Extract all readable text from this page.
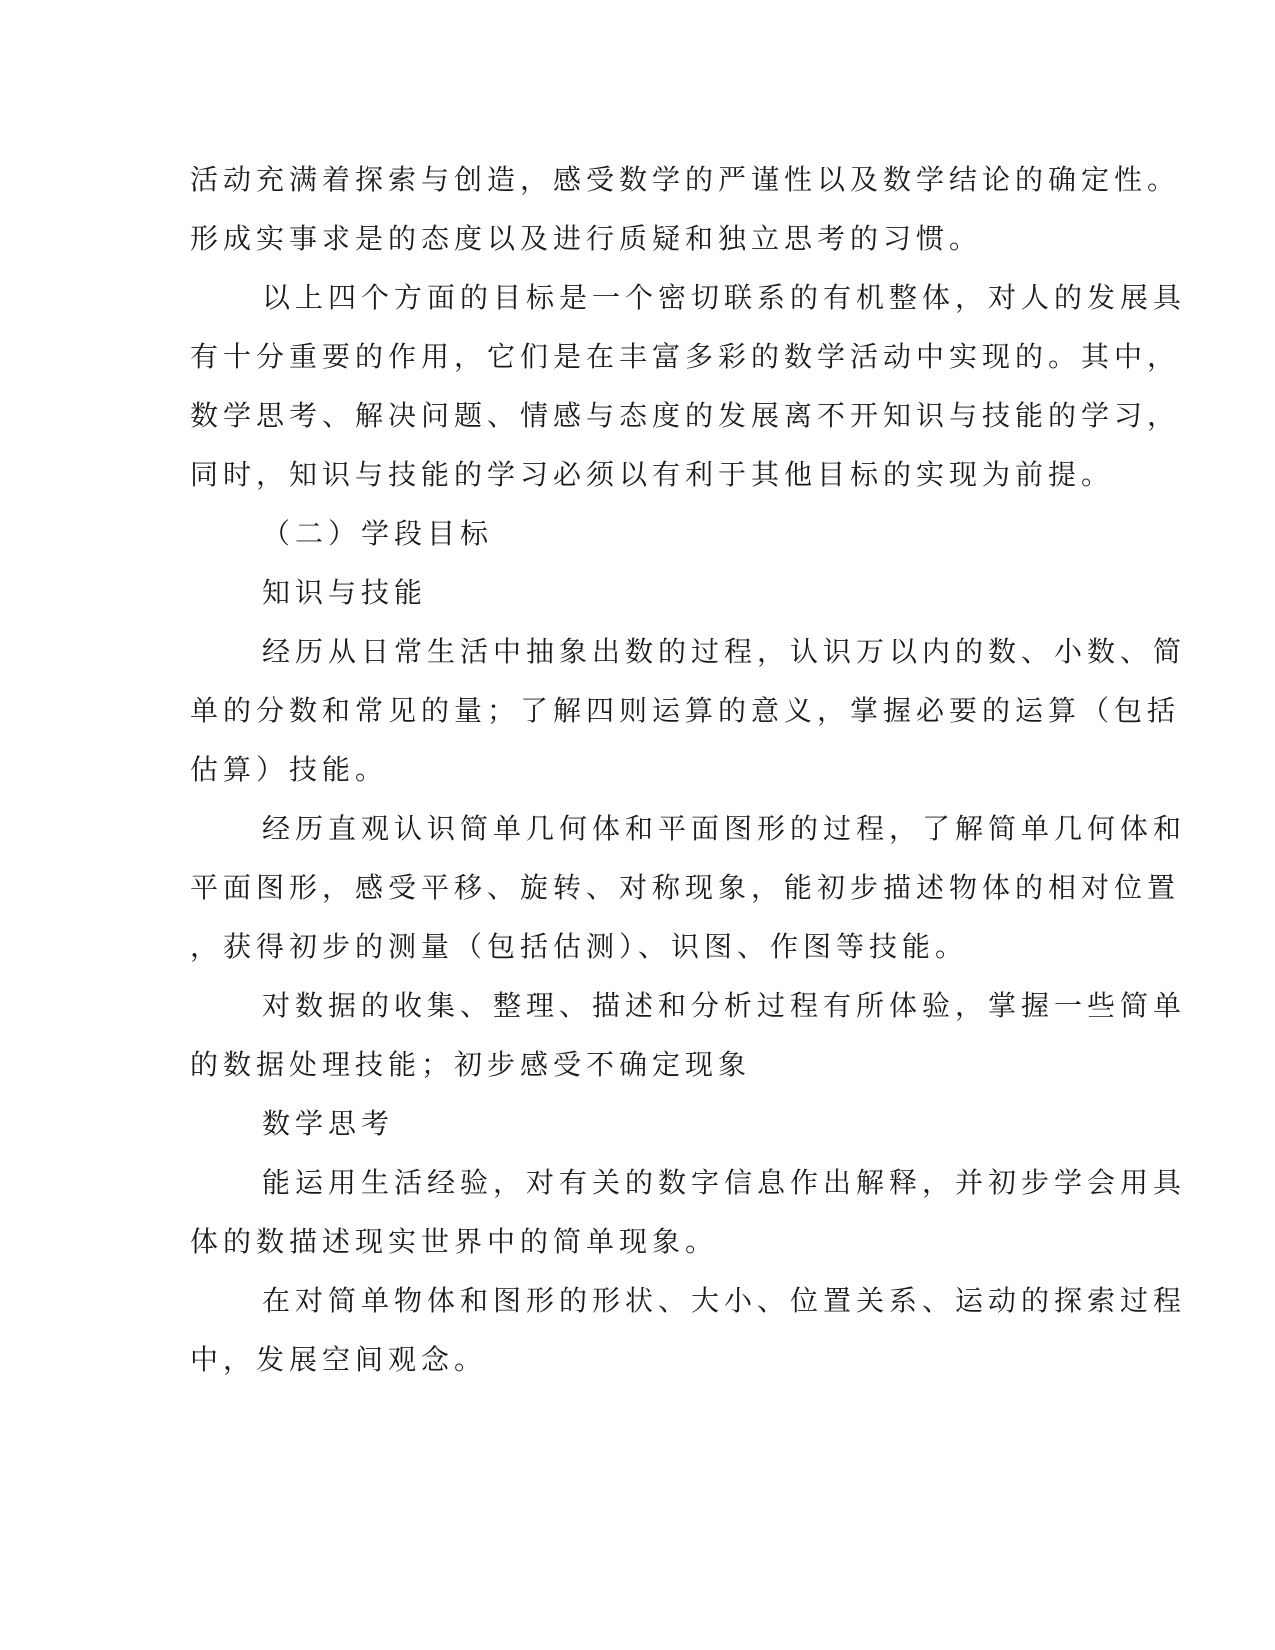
活动充满着探索与创造，感受数学的严谨性以及数学结论的确定性。
形成实事求是的态度以及进行质疑和独立思考的习惯。
以上四个方面的目标是一个密切联系的有机整体，对人的发展具
有十分重要的作用，它们是在丰富多彩的数学活动中实现的。其中，
数学思考、解决问题、情感与态度的发展离不开知识与技能的学习，
同时，知识与技能的学习必须以有利于其他目标的实现为前提。
（二）学段目标
知识与技能
经历从日常生活中抽象出数的过程，认识万以内的数、小数、简
单的分数和常见的量；了解四则运算的意义，掌握必要的运算（包括
估算）技能。
经历直观认识简单几何体和平面图形的过程，了解简单几何体和
平面图形，感受平移、旋转、对称现象，能初步描述物体的相对位置
，获得初步的测量（包括估测）、识图、作图等技能。
对数据的收集、整理、描述和分析过程有所体验，掌握一些简单
的数据处理技能；初步感受不确定现象
数学思考
能运用生活经验，对有关的数字信息作出解释，并初步学会用具
体的数描述现实世界中的简单现象。
在对简单物体和图形的形状、大小、位置关系、运动的探索过程
中，发展空间观念。
